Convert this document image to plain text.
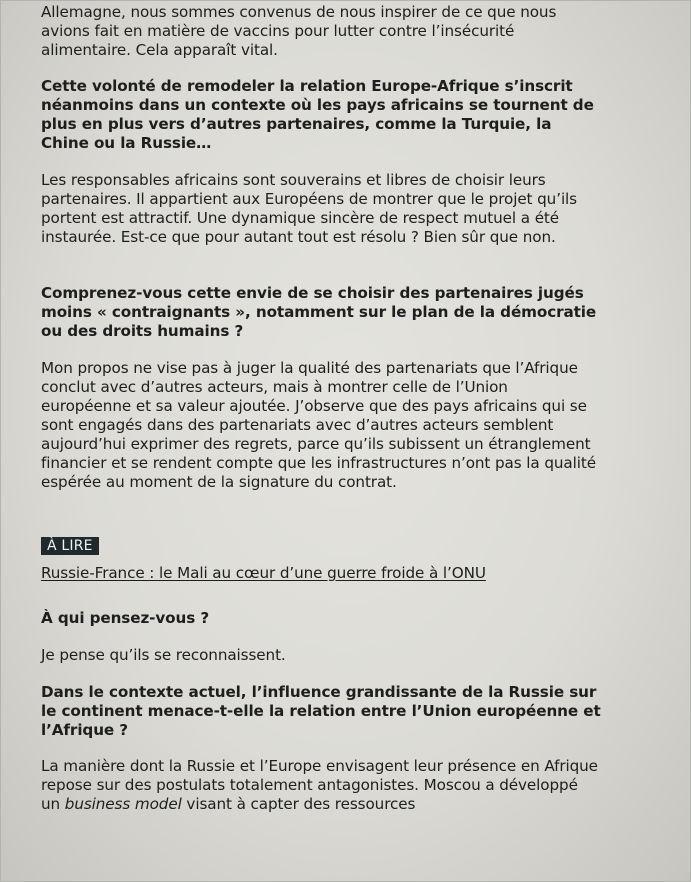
Allemagne, nous sommes convenus de nous inspirer de ce que nous avions fait en matière de vaccins pour lutter contre l’insécurité alimentaire. Cela apparaît vital.

Cette volonté de remodeler la relation Europe-Afrique s’inscrit néanmoins dans un contexte où les pays africains se tournent de plus en plus vers d’autres partenaires, comme la Turquie, la Chine ou la Russie…

Les responsables africains sont souverains et libres de choisir leurs partenaires. Il appartient aux Européens de montrer que le projet qu’ils portent est attractif. Une dynamique sincère de respect mutuel a été instaurée. Est-ce que pour autant tout est résolu ? Bien sûr que non.

Comprenez-vous cette envie de se choisir des partenaires jugés moins « contraignants », notamment sur le plan de la démocratie ou des droits humains ?

Mon propos ne vise pas à juger la qualité des partenariats que l’Afrique conclut avec d’autres acteurs, mais à montrer celle de l’Union européenne et sa valeur ajoutée. J’observe que des pays africains qui se sont engagés dans des partenariats avec d’autres acteurs semblent aujourd’hui exprimer des regrets, parce qu’ils subissent un étranglement financier et se rendent compte que les infrastructures n’ont pas la qualité espérée au moment de la signature du contrat.

À LIRE

Russie-France : le Mali au cœur d’une guerre froide à l’ONU

À qui pensez-vous ?

Je pense qu’ils se reconnaissent.

Dans le contexte actuel, l’influence grandissante de la Russie sur le continent menace-t-elle la relation entre l’Union européenne et l’Afrique ?

La manière dont la Russie et l’Europe envisagent leur présence en Afrique repose sur des postulats totalement antagonistes. Moscou a développé un business model visant à capter des ressources
